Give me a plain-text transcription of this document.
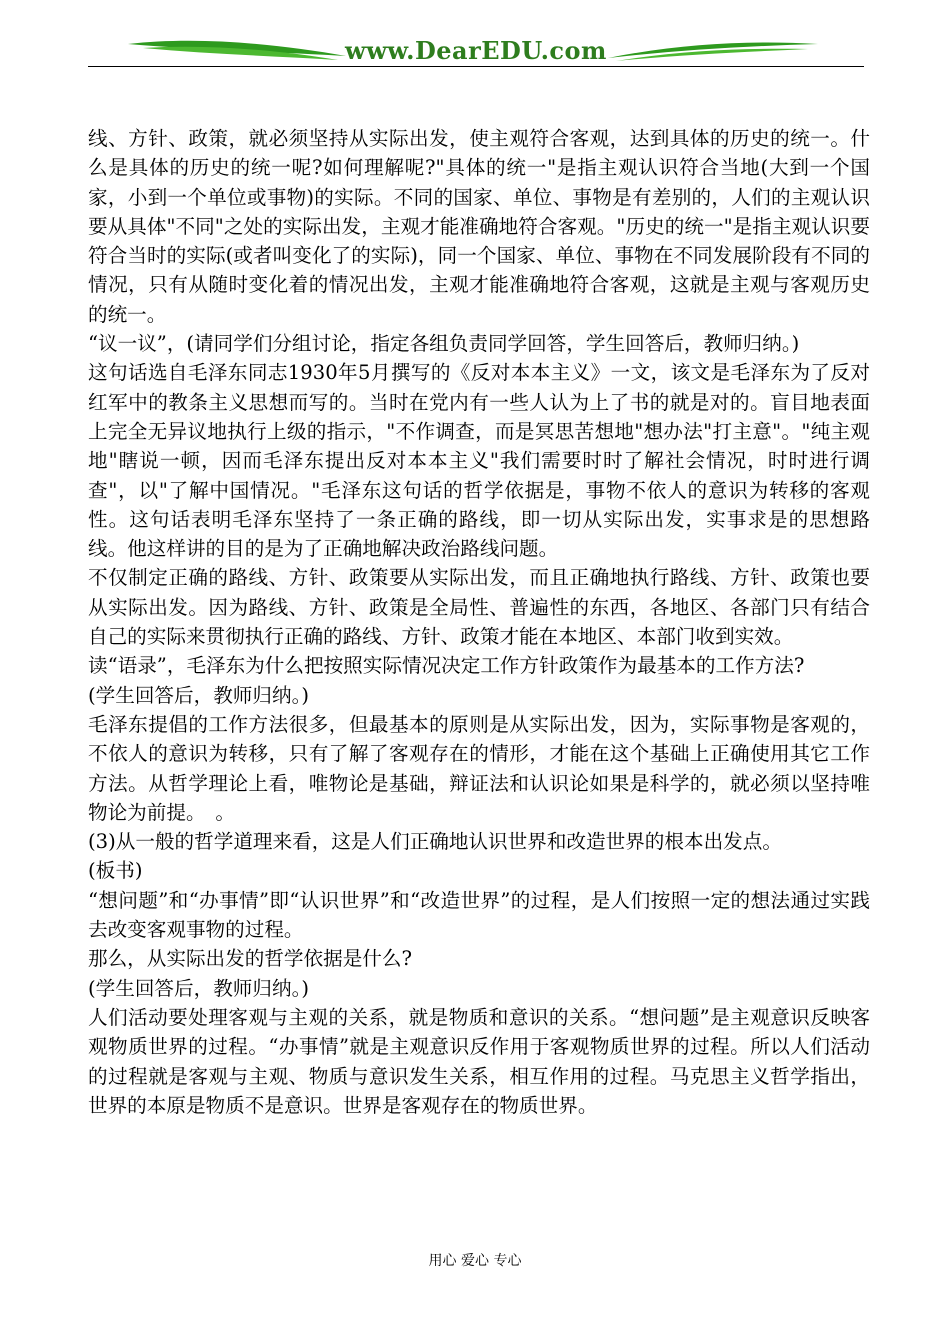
www.DearEDU.com

线、方针、政策，就必须坚持从实际出发，使主观符合客观，达到具体的历史的统一。什么是具体的历史的统一呢?如何理解呢?"具体的统一"是指主观认识符合当地(大到一个国家，小到一个单位或事物)的实际。不同的国家、单位、事物是有差别的，人们的主观认识要从具体"不同"之处的实际出发，主观才能准确地符合客观。"历史的统一"是指主观认识要符合当时的实际(或者叫变化了的实际)，同一个国家、单位、事物在不同发展阶段有不同的情况，只有从随时变化着的情况出发，主观才能准确地符合客观，这就是主观与客观历史的统一。

“议一议”，(请同学们分组讨论，指定各组负责同学回答，学生回答后，教师归纳。)

这句话选自毛泽东同志1930年5月撰写的《反对本本主义》一文，该文是毛泽东为了反对红军中的教条主义思想而写的。当时在党内有一些人认为上了书的就是对的。盲目地表面上完全无异议地执行上级的指示，"不作调查，而是冥思苦想地"想办法"打主意"。"纯主观地"瞎说一顿，因而毛泽东提出反对本本主义"我们需要时时了解社会情况，时时进行调查"，以"了解中国情况。"毛泽东这句话的哲学依据是，事物不依人的意识为转移的客观性。这句话表明毛泽东坚持了一条正确的路线，即一切从实际出发，实事求是的思想路线。他这样讲的目的是为了正确地解决政治路线问题。

不仅制定正确的路线、方针、政策要从实际出发，而且正确地执行路线、方针、政策也要从实际出发。因为路线、方针、政策是全局性、普遍性的东西，各地区、各部门只有结合自己的实际来贯彻执行正确的路线、方针、政策才能在本地区、本部门收到实效。

读“语录”，毛泽东为什么把按照实际情况决定工作方针政策作为最基本的工作方法?

(学生回答后，教师归纳。)

毛泽东提倡的工作方法很多，但最基本的原则是从实际出发，因为，实际事物是客观的，不依人的意识为转移，只有了解了客观存在的情形，才能在这个基础上正确使用其它工作方法。从哲学理论上看，唯物论是基础，辩证法和认识论如果是科学的，就必须以坚持唯物论为前提。　。

(3)从一般的哲学道理来看，这是人们正确地认识世界和改造世界的根本出发点。

(板书)

“想问题”和“办事情”即“认识世界”和“改造世界”的过程，是人们按照一定的想法通过实践去改变客观事物的过程。

那么，从实际出发的哲学依据是什么?

(学生回答后，教师归纳。)

人们活动要处理客观与主观的关系，就是物质和意识的关系。“想问题”是主观意识反映客观物质世界的过程。“办事情”就是主观意识反作用于客观物质世界的过程。所以人们活动的过程就是客观与主观、物质与意识发生关系，相互作用的过程。马克思主义哲学指出，世界的本原是物质不是意识。世界是客观存在的物质世界。

用心 爱心 专心
